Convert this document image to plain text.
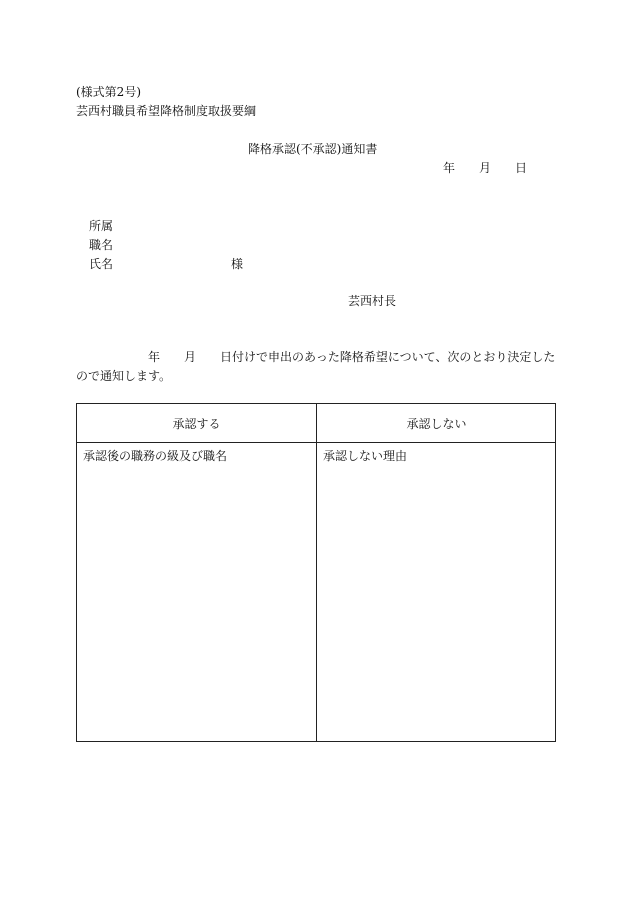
(様式第2号)
芸西村職員希望降格制度取扱要綱
降格承認(不承認)通知書
年 月 日
所属
職名
氏名	様
芸西村長
年 月 日付けで申出のあった降格希望について、次のとおり決定した
ので通知します。
承認する	承認しない
承認後の職務の級及び職名	承認しない理由
